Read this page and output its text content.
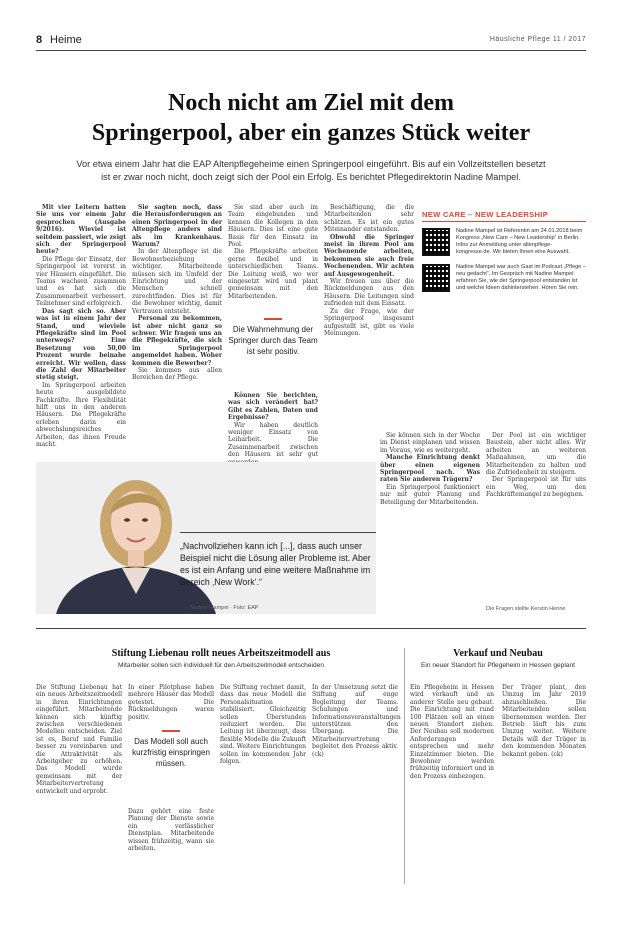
8 Heime	Häusliche Pflege 11 / 2017
Noch nicht am Ziel mit dem
Springerpool, aber ein ganzes Stück weiter
Vor etwa einem Jahr hat die EAP Altenpflegeheime einen Springerpool eingeführt. Bis auf ein Vollzeitstellen besetzt
ist er zwar noch nicht, doch zeigt sich der Pool ein Erfolg. Es berichtet Pflegedirektorin Nadine Mampel.

Mit vier Leitern hatten Sie uns vor einem Jahr gesprochen (Ausgabe 9/2016). Wieviel ist seitdem passiert, wie zeigt sich der Springerpool heute?

Die Pflege der Einsatz, der Springerpool ist vorerst in vier Häusern eingeführt. Die Teams wachsen zusammen und es hat sich die Zusammenarbeit verbessert. Teilnehmer sind erfolgreich.

Das sagt sich so. Aber was ist in einem Jahr der Stand, und wieviele Pflegekräfte sind im Pool unterwegs? Eine Besetzung von 50,00 Prozent wurde beinahe erreicht. Wir wollen, dass die Zahl der Mitarbeiter stetig steigt.

Im Springerpool arbeiten heute ausgebildete Fachkräfte. Ihre Flexibilität hilft uns in den anderen Häusern. Die Pflegekräfte erleben darin ein abwechslungsreiches Arbeiten, das ihnen Freude macht.

Sie sagten noch, dass die Herausforderungen an einen Springerpool in der Altenpflege anders sind als im Krankenhaus. Warum?

In der Altenpflege ist die Bewohnerbeziehung wichtiger. Mitarbeitende müssen sich im Umfeld der Einrichtung und der Menschen schnell zurechtfinden. Dies ist für die Bewohner wichtig, damit Vertrauen entsteht.

Personal zu bekommen, ist aber nicht ganz so schwer. Wir fragen uns an die Pflegekräfte, die sich im Springerpool angemeldet haben. Woher kommen die Bewerber?

Sie kommen aus allen Bereichen der Pflege.

Sie sind aber auch im Team eingebunden und kennen die Kollegen in den Häusern. Dies ist eine gute Basis für den Einsatz im Pool.

Die Pflegekräfte arbeiten gerne flexibel und in unterschiedlichen Teams. Die Leitung weiß, wo wer eingesetzt wird und plant gemeinsam mit den Mitarbeitenden.

Beschäftigung, die die Mitarbeitenden sehr schätzen. Es ist ein gutes Miteinander entstanden.

Obwohl die Springer meist in ihrem Pool am Wochenende arbeiten, bekommen sie auch freie Wochenenden. Wir achten auf Ausgewogenheit.

Wir freuen uns über die Rückmeldungen aus den Häusern. Die Leitungen sind zufrieden mit dem Einsatz.

Zu der Frage, wie der Springerpool insgesamt aufgestellt ist, gibt es viele Meinungen.

Die Wahrnehmung der Springer durch das Team ist sehr positiv.

Können Sie berichten, was sich verändert hat? Gibt es Zahlen, Daten und Ergebnisse?

Wir haben deutlich weniger Einsatz von Leiharbeit. Die Zusammenarbeit zwischen den Häusern ist sehr gut

NEW CARE – NEW LEADERSHIP
Nadine Mampel ist Referentin am 24.01.2018 beim Kongress „New Care – New Leadership“ in Berlin. Infos zur Anmeldung unter altenpflege-kongresse.de. Wir bieten Ihnen eine Auswahl.
Nadine Mampel war auch Gast im Podcast „Pflege – neu gedacht“. Im Gespräch mit Nadine Mampel erfahren Sie, wie der Springerpool entstanden ist und welche Ideen dahinterstehen. Hören Sie rein.
„Nachvollziehen kann ich [...], dass auch unser Beispiel nicht die Lösung aller Probleme ist. Aber es ist ein Anfang und eine weitere Maßnahme im Bereich ‚New Work‘.“
Nadine Mampel · Foto: EAP

Sie können sich in der Woche im Dienst einplanen und wissen im Voraus, wie es weitergeht.

Manche Einrichtung denkt über einen eigenen Springerpool nach. Was raten Sie anderen Trägern?

Ein Springerpool funktioniert nur mit guter Planung und Beteiligung der Mitarbeitenden.

Der Pool ist ein wichtiger Baustein, aber nicht alles. Wir arbeiten an weiteren Maßnahmen, um die Mitarbeitenden zu halten und die Zufriedenheit zu steigern.

Der Springerpool ist für uns ein Weg, um den Fachkräftemangel zu begegnen.

Die Fragen stellte Kerstin Henne
Stiftung Liebenau rollt neues Arbeitszeitmodell aus
Mitarbeiter sollen sich individuell für den Arbeitszeitmodell entscheiden
Die Stiftung Liebenau hat ein neues Arbeitszeitmodell in ihren Einrichtungen eingeführt. Mitarbeitende können sich künftig zwischen verschiedenen Modellen entscheiden. Ziel ist es, Beruf und Familie besser zu vereinbaren und die Attraktivität als Arbeitgeber zu erhöhen. Das Modell wurde gemeinsam mit der Mitarbeitervertretung entwickelt und erprobt.
In einer Pilotphase haben mehrere Häuser das Modell getestet. Die Rückmeldungen waren positiv.
Das Modell soll auch kurzfristig einspringen müssen.
Dazu gehört eine feste Planung der Dienste sowie ein verlässlicher Dienstplan. Mitarbeitende wissen frühzeitig, wann sie arbeiten.
Die Stiftung rechnet damit, dass das neue Modell die Personalsituation stabilisiert. Gleichzeitig sollen Überstunden reduziert werden. Die Leitung ist überzeugt, dass flexible Modelle die Zukunft sind. Weitere Einrichtungen sollen im kommenden Jahr folgen.
In der Umsetzung setzt die Stiftung auf enge Begleitung der Teams. Schulungen und Informationsveranstaltungen unterstützen den Übergang. Die Mitarbeitervertretung begleitet den Prozess aktiv. (ck)
Verkauf und Neubau
Ein neuer Standort für Pflegeheim in Hessen geplant
Ein Pflegeheim in Hessen wird verkauft und an anderer Stelle neu gebaut. Die Einrichtung mit rund 100 Plätzen soll an einen neuen Standort ziehen. Der Neubau soll modernen Anforderungen entsprechen und mehr Einzelzimmer bieten. Die Bewohner werden frühzeitig informiert und in den Prozess einbezogen.
Der Träger plant, den Umzug im Jahr 2019 abzuschließen. Die Mitarbeitenden sollen übernommen werden. Der Betrieb läuft bis zum Umzug weiter. Weitere Details will der Träger in den kommenden Monaten bekannt geben. (ck)
